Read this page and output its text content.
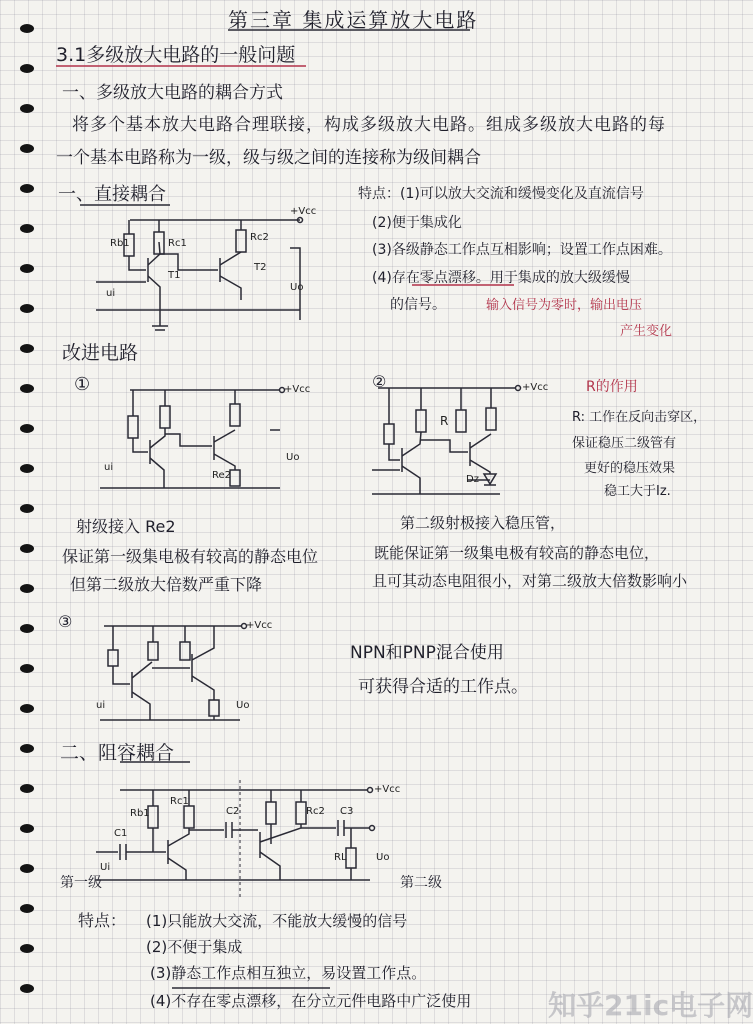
第三章 集成运算放大电路
3.1多级放大电路的一般问题
一、多级放大电路的耦合方式
将多个基本放大电路合理联接，构成多级放大电路。组成多级放大电路的每
一个基本电路称为一级，级与级之间的连接称为级间耦合
一、直接耦合	特点：(1)可以放大交流和缓慢变化及直流信号
(2)便于集成化
(3)各级静态工作点互相影响；设置工作点困难。
(4)存在零点漂移。用于集成的放大级缓慢
的信号。	输入信号为零时，输出电压
产生变化
+Vcc
Rb1	Rc1
Rc2
T1
T2
ui
Uo
改进电路
①	②
③
+Vcc
Re2
ui
Uo
+Vcc
R
Dz
+Vcc
ui	Uo
R的作用
R: 工作在反向击穿区，
保证稳压二级管有
更好的稳压效果
稳工大于Iz.
射级接入 Re2
保证第一级集电极有较高的静态电位
但第二级放大倍数严重下降
第二级射极接入稳压管，
既能保证第一级集电极有较高的静态电位，
且可其动态电阻很小，对第二级放大倍数影响小
NPN和PNP混合使用
可获得合适的工作点。
二、阻容耦合
+Vcc
Rb1
Rc1
Rc2
C1
C2	C3
RL
Ui
Uo
第一级	第二级
特点： (1)只能放大交流，不能放大缓慢的信号
(2)不便于集成
(3)静态工作点相互独立，易设置工作点。
(4)不存在零点漂移，在分立元件电路中广泛使用	知乎21ic电子网
